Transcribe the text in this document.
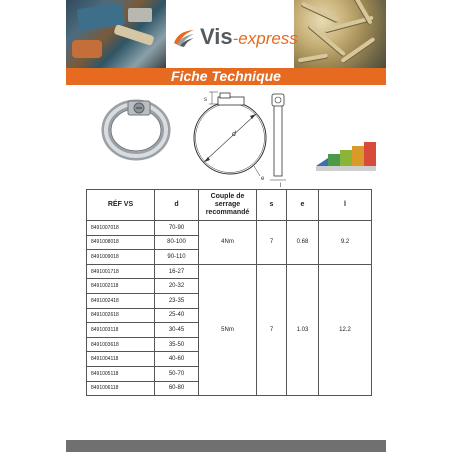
Vis-express
Fiche Technique
s
d
e
l
RÉF VS	d	Couple de serrage recommandé	s	e	l
8491007018	70-90	4Nm	7	0.68	9.2
8491008018	80-100				
8491009018	90-110				
8491001718	16-27	5Nm	7	1.03	12.2
8491002118	20-32				
8491002418	23-35				
8491002618	25-40				
8491003118	30-45				
8491003618	35-50				
8491004118	40-60				
8491005118	50-70				
8491006118	60-80				
